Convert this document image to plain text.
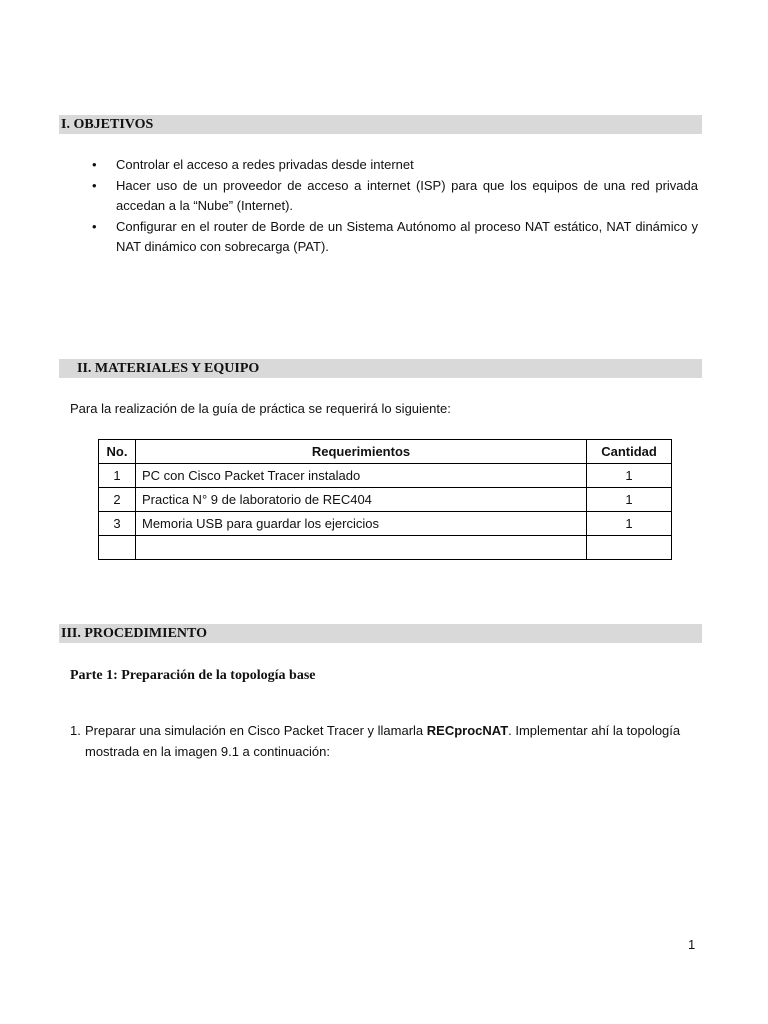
I. OBJETIVOS
• Controlar el acceso a redes privadas desde internet
• Hacer uso de un proveedor de acceso a internet (ISP) para que los equipos de una red privada accedan a la “Nube” (Internet).
• Configurar en el router de Borde de un Sistema Autónomo al proceso NAT estático, NAT dinámico y NAT dinámico con sobrecarga (PAT).
II. MATERIALES Y EQUIPO
Para la realización de la guía de práctica se requerirá lo siguiente:
No.	Requerimientos	Cantidad
1	PC con Cisco Packet Tracer instalado	1
2	Practica N° 9 de laboratorio de REC404	1
3	Memoria USB para guardar los ejercicios	1

III. PROCEDIMIENTO
Parte 1: Preparación de la topología base
1. Preparar una simulación en Cisco Packet Tracer y llamarla RECprocNAT. Implementar ahí la topología mostrada en la imagen 9.1 a continuación:
1
